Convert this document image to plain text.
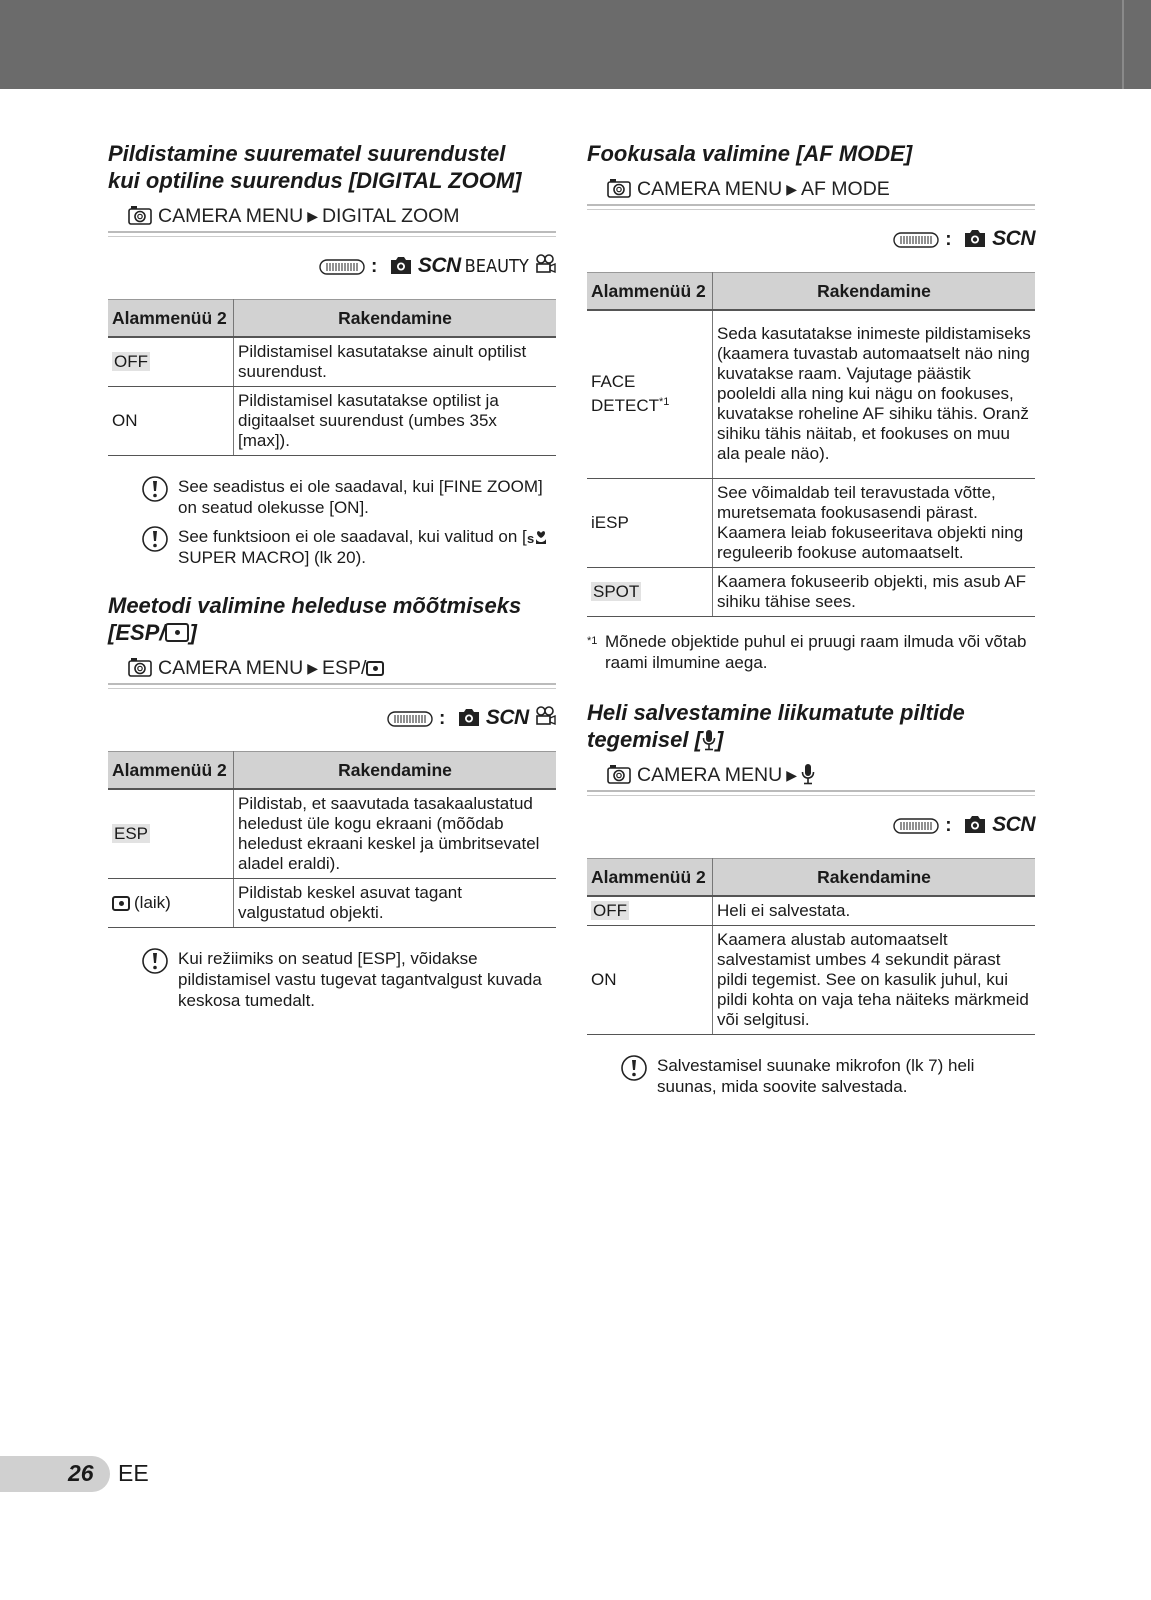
Pildistamine suurematel suurendustel
kui optiline suurendus [DIGITAL ZOOM]
CAMERA MENU ▶ DIGITAL ZOOM
: SCN BEAUTY
Alammenüü 2	Rakendamine
OFF	Pildistamisel kasutatakse ainult optilist suurendust.
ON	Pildistamisel kasutatakse optilist ja digitaalset suurendust (umbes 35x [max]).
See seadistus ei ole saadaval, kui [FINE ZOOM] on seatud olekusse [ON].
See funktsioon ei ole saadaval, kui valitud on [ s
SUPER MACRO] (lk 20).
Meetodi valimine heleduse mõõtmiseks
[ESP/ ]
CAMERA MENU ▶ ESP/
: SCN
Alammenüü 2	Rakendamine
ESP	Pildistab, et saavutada tasakaalustatud heledust üle kogu ekraani (mõõdab heledust ekraani keskel ja ümbritsevatel aladel eraldi).
(laik)	Pildistab keskel asuvat tagant valgustatud objekti.
Kui režiimiks on seatud [ESP], võidakse pildistamisel vastu tugevat tagantvalgust kuvada keskosa tumedalt.
Fookusala valimine [AF MODE]
CAMERA MENU ▶ AF MODE
: SCN
Alammenüü 2	Rakendamine
FACE DETECT$^{*1}$	Seda kasutatakse inimeste pildistamiseks (kaamera tuvastab automaatselt näo ning kuvatakse raam. Vajutage päästik pooleldi alla ning kui nägu on fookuses, kuvatakse roheline AF sihiku tähis. Oranž sihiku tähis näitab, et fookuses on muu ala peale näo).
iESP	See võimaldab teil teravustada võtte, muretsemata fookusasendi pärast. Kaamera leiab fokuseeritava objekti ning reguleerib fookuse automaatselt.
SPOT	Kaamera fokuseerib objekti, mis asub AF sihiku tähise sees.
*1 Mõnede objektide puhul ei pruugi raam ilmuda või võtab raami ilmumine aega.
Heli salvestamine liikumatute piltide
tegemisel [ ]
CAMERA MENU ▶
: SCN
Alammenüü 2	Rakendamine
OFF	Heli ei salvestata.
ON	Kaamera alustab automaatselt salvestamist umbes 4 sekundit pärast pildi tegemist. See on kasulik juhul, kui pildi kohta on vaja teha näiteks märkmeid või selgitusi.
Salvestamisel suunake mikrofon (lk 7) heli suunas, mida soovite salvestada.
26 EE
